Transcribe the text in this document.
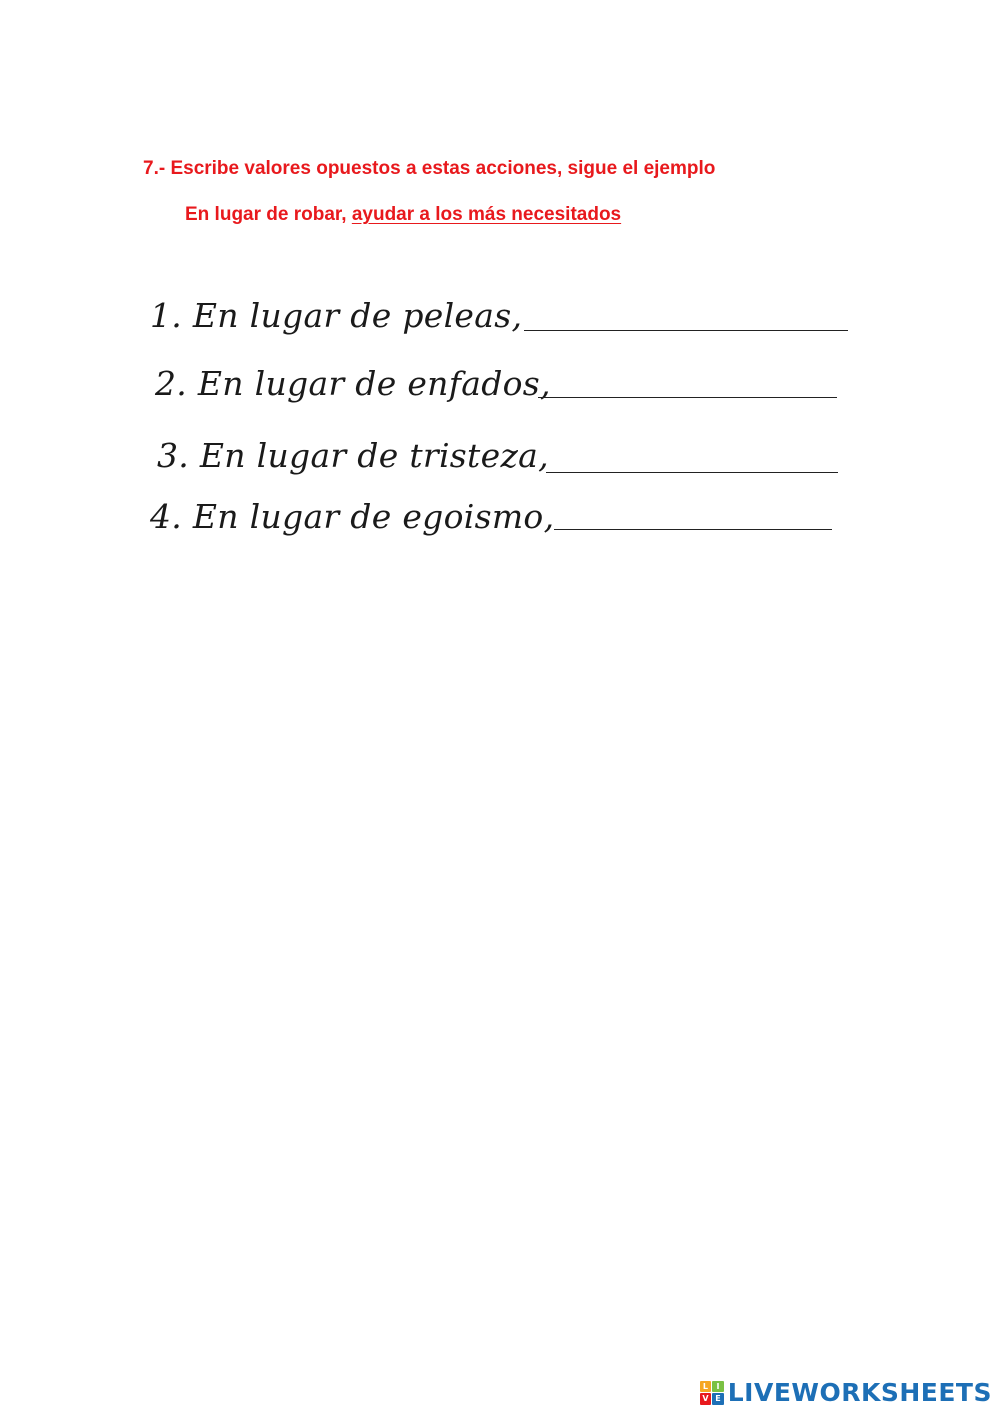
7.- Escribe valores opuestos a estas acciones, sigue el ejemplo
En lugar de robar, ayudar a los más necesitados
1. En lugar de peleas,
2. En lugar de enfados,
3. En lugar de tristeza,
4. En lugar de egoismo,
L	I
V E LIVEWORKSHEETS
